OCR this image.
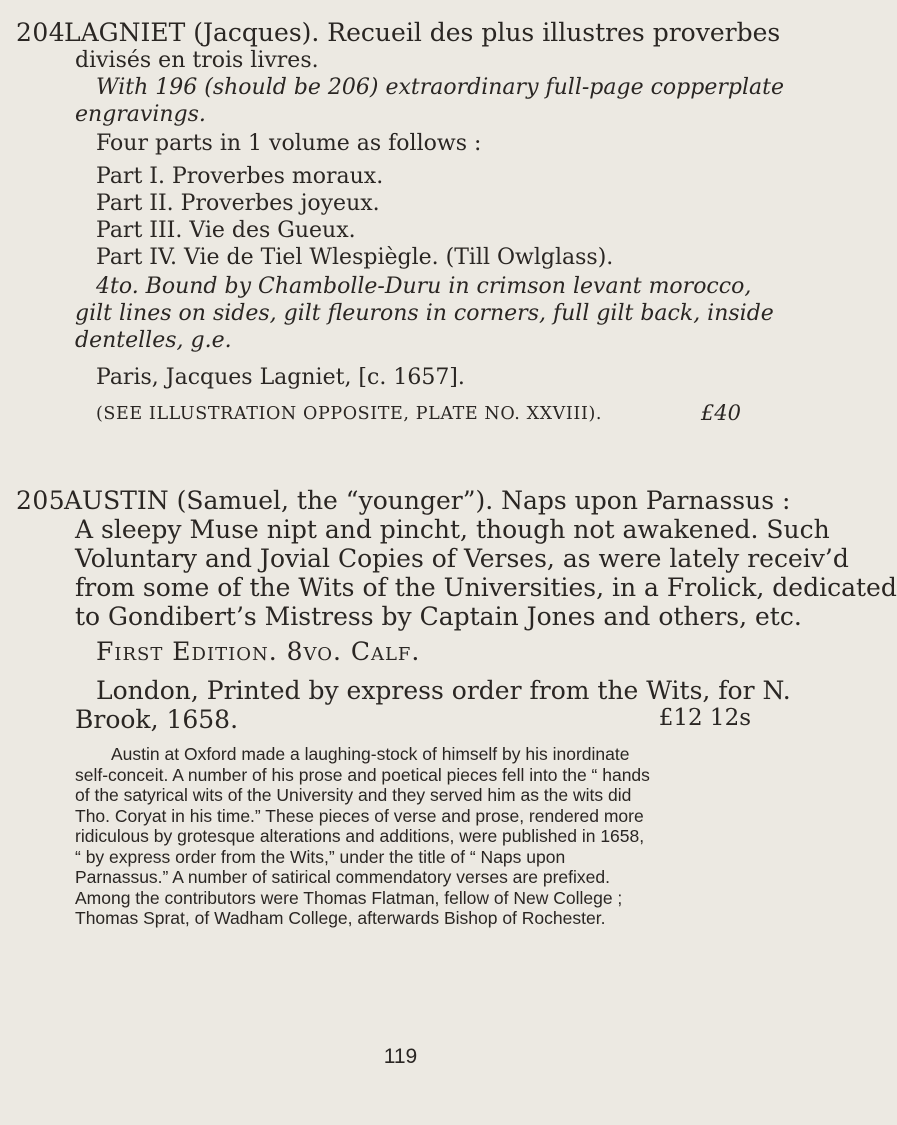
204

LAGNIET (Jacques). Recueil des plus illustres proverbes

divisés en trois livres.

With 196 (should be 206) extraordinary full-page copperplate

engravings.

Four parts in 1 volume as follows :

Part I. Proverbes moraux.

Part II. Proverbes joyeux.

Part III. Vie des Gueux.

Part IV. Vie de Tiel Wlespiègle. (Till Owlglass).

4to. Bound by Chambolle-Duru in crimson levant morocco,

gilt lines on sides, gilt fleurons in corners, full gilt back, inside

dentelles, g.e.

Paris, Jacques Lagniet, [c. 1657].

(SEE ILLUSTRATION OPPOSITE, PLATE NO. XXVIII).	£40
205

AUSTIN (Samuel, the “younger”). Naps upon Parnassus :

A sleepy Muse nipt and pincht, though not awakened. Such

Voluntary and Jovial Copies of Verses, as were lately receiv’d

from some of the Wits of the Universities, in a Frolick, dedicated

to Gondibert’s Mistress by Captain Jones and others, etc.

First Edition. 8vo. Calf.

London, Printed by express order from the Wits, for N.

Brook, 1658.	£12 12s

Austin at Oxford made a laughing-stock of himself by his inordinate

self-conceit. A number of his prose and poetical pieces fell into the “ hands

of the satyrical wits of the University and they served him as the wits did

Tho. Coryat in his time.” These pieces of verse and prose, rendered more

ridiculous by grotesque alterations and additions, were published in 1658,

“ by express order from the Wits,” under the title of “ Naps upon

Parnassus.” A number of satirical commendatory verses are prefixed.

Among the contributors were Thomas Flatman, fellow of New College ;

Thomas Sprat, of Wadham College, afterwards Bishop of Rochester.

119
